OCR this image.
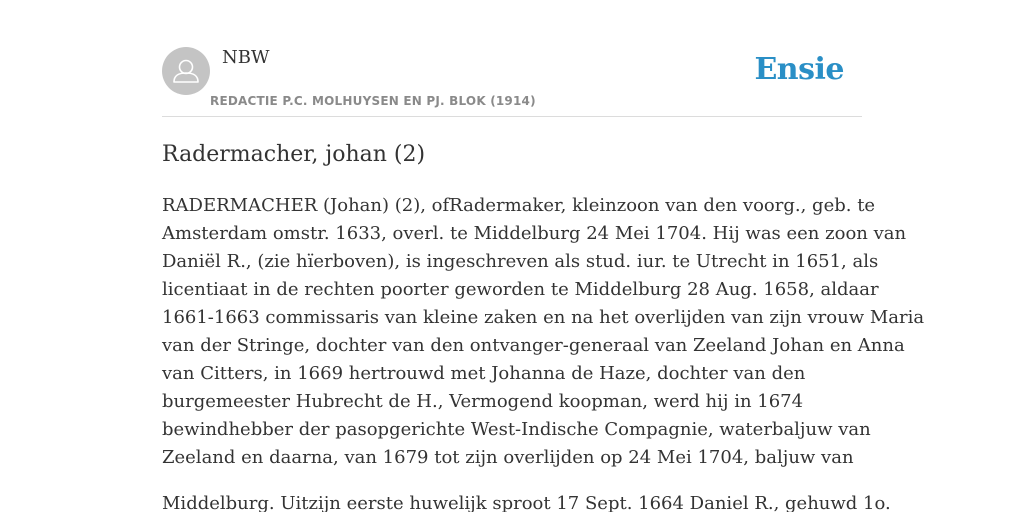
NBW
REDACTIE P.C. MOLHUYSEN EN PJ. BLOK (1914)
Ensie
Radermacher, johan (2)

RADERMACHER (Johan) (2), ofRadermaker, kleinzoon van den voorg., geb. te
Amsterdam omstr. 1633, overl. te Middelburg 24 Mei 1704. Hij was een zoon van
Daniël R., (zie hïerboven), is ingeschreven als stud. iur. te Utrecht in 1651, als
licentiaat in de rechten poorter geworden te Middelburg 28 Aug. 1658, aldaar
1661-1663 commissaris van kleine zaken en na het overlijden van zijn vrouw Maria
van der Stringe, dochter van den ontvanger-generaal van Zeeland Johan en Anna
van Citters, in 1669 hertrouwd met Johanna de Haze, dochter van den
burgemeester Hubrecht de H., Vermogend koopman, werd hij in 1674
bewindhebber der pasopgerichte West-Indische Compagnie, waterbaljuw van
Zeeland en daarna, van 1679 tot zijn overlijden op 24 Mei 1704, baljuw van

Middelburg. Uitzijn eerste huwelijk sproot 17 Sept. 1664 Daniel R., gehuwd 1o.
